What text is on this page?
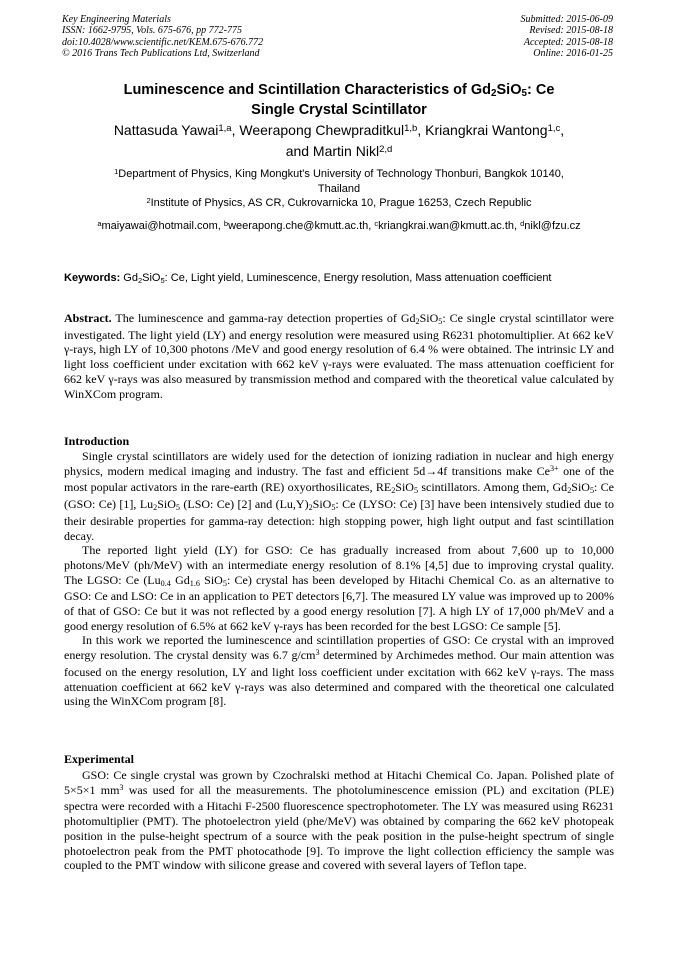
Key Engineering Materials
ISSN: 1662-9795, Vols. 675-676, pp 772-775
doi:10.4028/www.scientific.net/KEM.675-676.772
© 2016 Trans Tech Publications Ltd, Switzerland
Submitted: 2015-06-09
Revised: 2015-08-18
Accepted: 2015-08-18
Online: 2016-01-25
Luminescence and Scintillation Characteristics of $Gd_2SiO_5$: Ce
Single Crystal Scintillator
Nattasuda Yawai$^{1,a}$, Weerapong Chewpraditkul$^{1,b}$, Kriangkrai Wantong$^{1,c}$,
and Martin Nikl$^{2,d}$
$^1$Department of Physics, King Mongkut's University of Technology Thonburi, Bangkok 10140,
Thailand
$^2$Institute of Physics, AS CR, Cukrovarnicka 10, Prague 16253, Czech Republic
$^a$maiyawai@hotmail.com, $^b$weerapong.che@kmutt.ac.th, $^c$kriangkrai.wan@kmutt.ac.th, $^d$nikl@fzu.cz
Keywords: $Gd_2SiO_5$: Ce, Light yield, Luminescence, Energy resolution, Mass attenuation coefficient

Abstract. The luminescence and gamma-ray detection properties of $Gd_2SiO_5$: Ce single crystal scintillator were investigated. The light yield (LY) and energy resolution were measured using R6231 photomultiplier. At 662 keV γ-rays, high LY of 10,300 photons /MeV and good energy resolution of 6.4 % were obtained. The intrinsic LY and light loss coefficient under excitation with 662 keV γ-rays were evaluated. The mass attenuation coefficient for 662 keV γ-rays was also measured by transmission method and compared with the theoretical value calculated by WinXCom program.

Introduction

Single crystal scintillators are widely used for the detection of ionizing radiation in nuclear and high energy physics, modern medical imaging and industry. The fast and efficient 5d→4f transitions make $Ce^{3+}$ one of the most popular activators in the rare-earth (RE) oxyorthosilicates, $RE_2SiO_5$ scintillators. Among them, $Gd_2SiO_5$: Ce (GSO: Ce) [1], $Lu_2SiO_5$ (LSO: Ce) [2] and $(Lu,Y)_2SiO_5$: Ce (LYSO: Ce) [3] have been intensively studied due to their desirable properties for gamma-ray detection: high stopping power, high light output and fast scintillation decay.

The reported light yield (LY) for GSO: Ce has gradually increased from about 7,600 up to 10,000 photons/MeV (ph/MeV) with an intermediate energy resolution of 8.1% [4,5] due to improving crystal quality. The LGSO: Ce ($Lu_{0.4}$ $Gd_{1.6}$ SiO$_5$: Ce) crystal has been developed by Hitachi Chemical Co. as an alternative to GSO: Ce and LSO: Ce in an application to PET detectors [6,7]. The measured LY value was improved up to 200% of that of GSO: Ce but it was not reflected by a good energy resolution [7]. A high LY of 17,000 ph/MeV and a good energy resolution of 6.5% at 662 keV γ-rays has been recorded for the best LGSO: Ce sample [5].

In this work we reported the luminescence and scintillation properties of GSO: Ce crystal with an improved energy resolution. The crystal density was 6.7 $g/cm^3$ determined by Archimedes method. Our main attention was focused on the energy resolution, LY and light loss coefficient under excitation with 662 keV γ-rays. The mass attenuation coefficient at 662 keV γ-rays was also determined and compared with the theoretical one calculated using the WinXCom program [8].

Experimental

GSO: Ce single crystal was grown by Czochralski method at Hitachi Chemical Co. Japan. Polished plate of 5×5×1 $mm^3$ was used for all the measurements. The photoluminescence emission (PL) and excitation (PLE) spectra were recorded with a Hitachi F-2500 fluorescence spectrophotometer. The LY was measured using R6231 photomultiplier (PMT). The photoelectron yield (phe/MeV) was obtained by comparing the 662 keV photopeak position in the pulse-height spectrum of a source with the peak position in the pulse-height spectrum of single photoelectron peak from the PMT photocathode [9]. To improve the light collection efficiency the sample was coupled to the PMT window with silicone grease and covered with several layers of Teflon tape.
